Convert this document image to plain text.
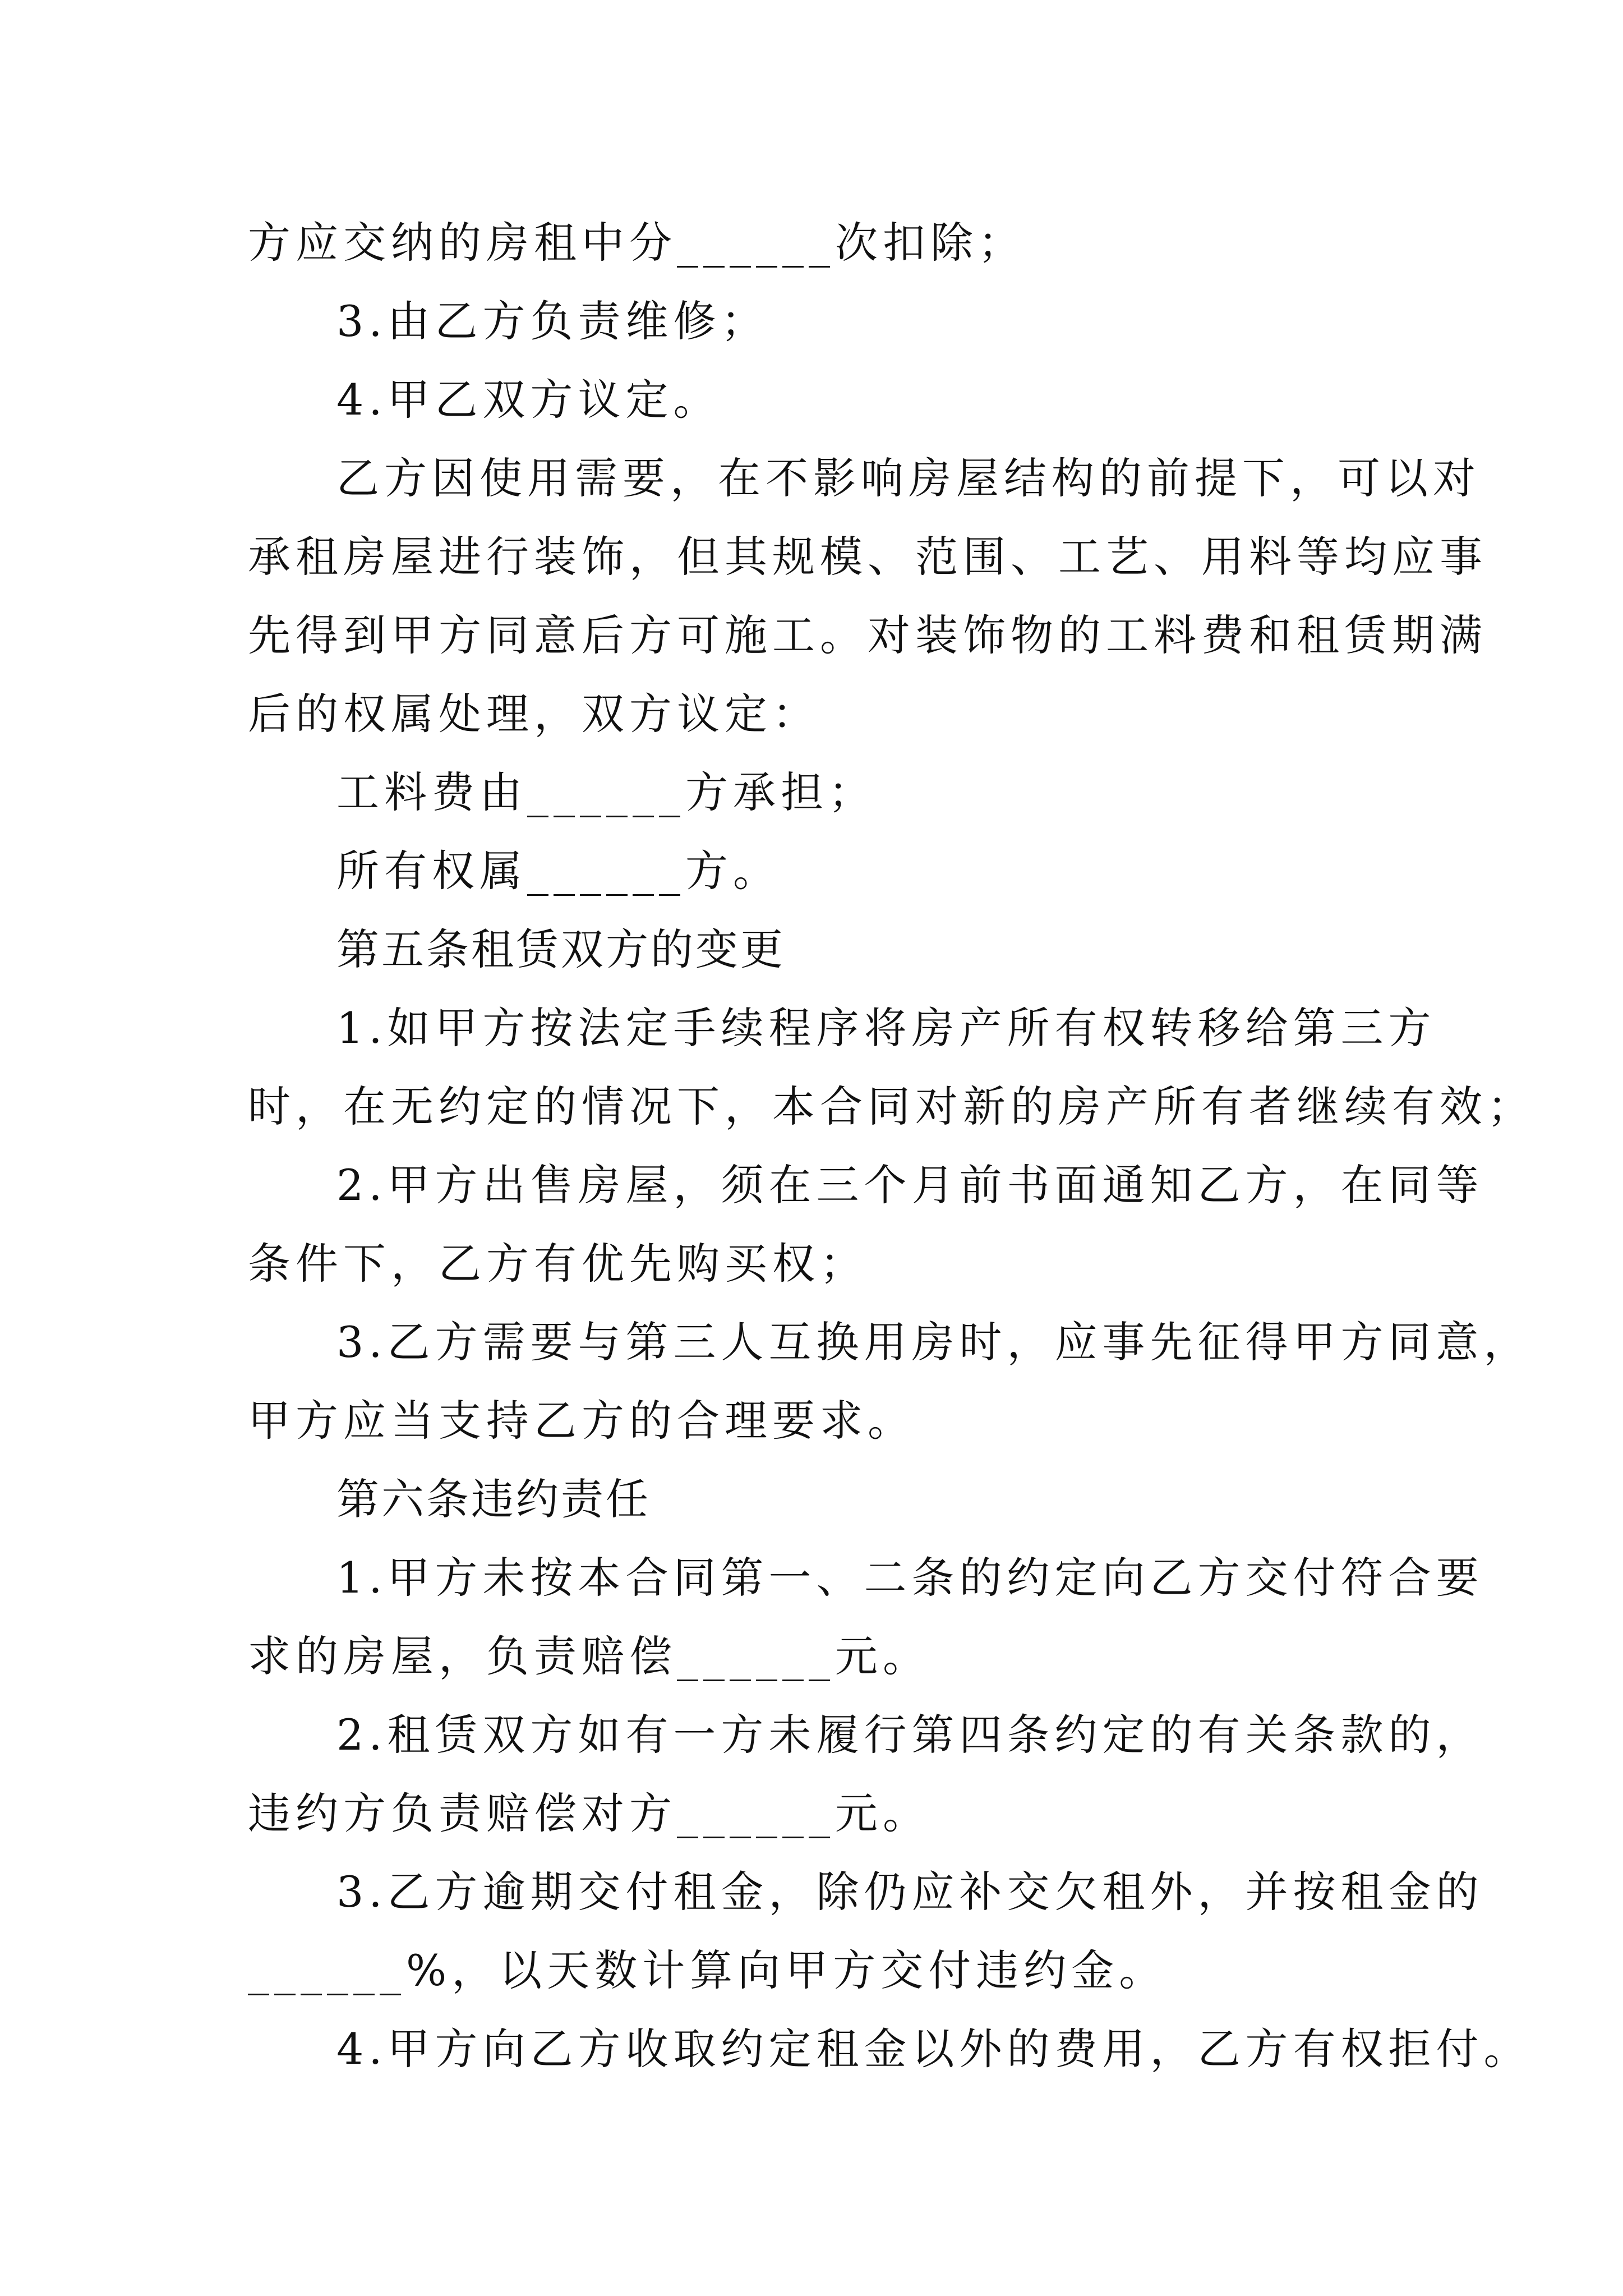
方应交纳的房租中分______次扣除；
3.由乙方负责维修；
4.甲乙双方议定。
乙方因使用需要，在不影响房屋结构的前提下，可以对
承租房屋进行装饰，但其规模、范围、工艺、用料等均应事
先得到甲方同意后方可施工。对装饰物的工料费和租赁期满
后的权属处理，双方议定：
工料费由______方承担；
所有权属______方。
第五条租赁双方的变更
1.如甲方按法定手续程序将房产所有权转移给第三方
时，在无约定的情况下，本合同对新的房产所有者继续有效；
2.甲方出售房屋，须在三个月前书面通知乙方，在同等
条件下，乙方有优先购买权；
3.乙方需要与第三人互换用房时，应事先征得甲方同意，
甲方应当支持乙方的合理要求。
第六条违约责任
1.甲方未按本合同第一、二条的约定向乙方交付符合要
求的房屋，负责赔偿______元。
2.租赁双方如有一方未履行第四条约定的有关条款的，
违约方负责赔偿对方______元。
3.乙方逾期交付租金，除仍应补交欠租外，并按租金的
______%，以天数计算向甲方交付违约金。
4.甲方向乙方收取约定租金以外的费用，乙方有权拒付。
